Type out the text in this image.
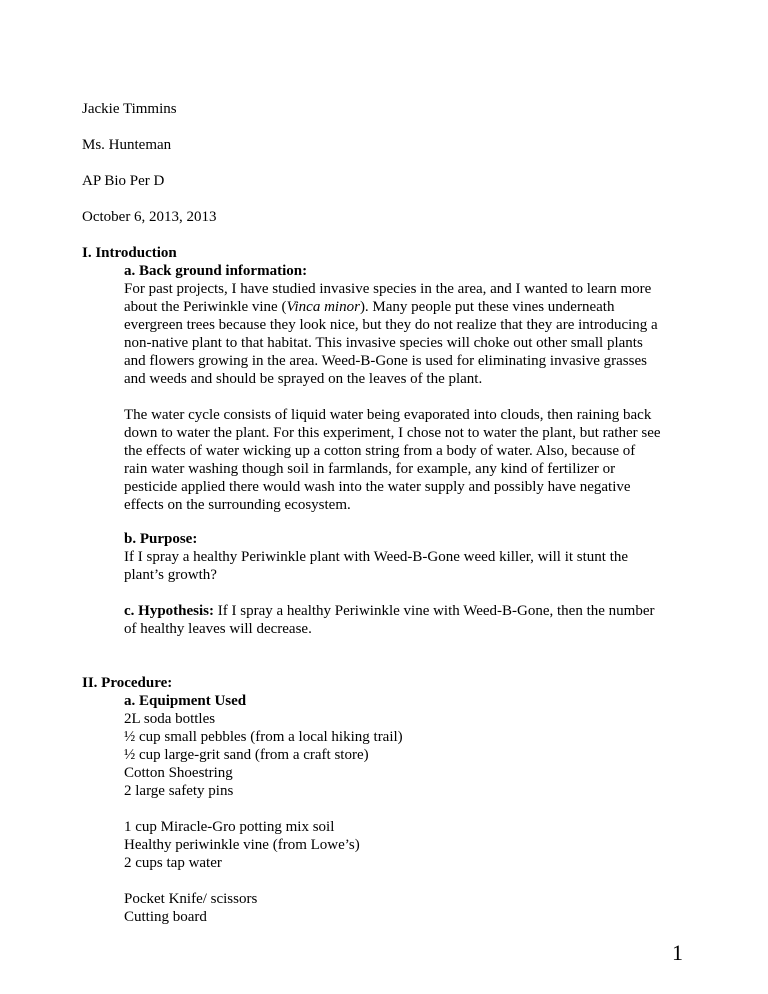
Jackie Timmins
Ms. Hunteman
AP Bio Per D
October 6, 2013, 2013
I. Introduction
a. Back ground information:
For past projects, I have studied invasive species in the area, and I wanted to learn more
about the Periwinkle vine (Vinca minor). Many people put these vines underneath
evergreen trees because they look nice, but they do not realize that they are introducing a
non-native plant to that habitat. This invasive species will choke out other small plants
and flowers growing in the area. Weed-B-Gone is used for eliminating invasive grasses
and weeds and should be sprayed on the leaves of the plant.
The water cycle consists of liquid water being evaporated into clouds, then raining back
down to water the plant. For this experiment, I chose not to water the plant, but rather see
the effects of water wicking up a cotton string from a body of water. Also, because of
rain water washing though soil in farmlands, for example, any kind of fertilizer or
pesticide applied there would wash into the water supply and possibly have negative
effects on the surrounding ecosystem.
b. Purpose:
If I spray a healthy Periwinkle plant with Weed-B-Gone weed killer, will it stunt the
plant’s growth?
c. Hypothesis: If I spray a healthy Periwinkle vine with Weed-B-Gone, then the number
of healthy leaves will decrease.
II. Procedure:
a. Equipment Used
2L soda bottles
½ cup small pebbles (from a local hiking trail)
½ cup large-grit sand (from a craft store)
Cotton Shoestring
2 large safety pins
1 cup Miracle-Gro potting mix soil
Healthy periwinkle vine (from Lowe’s)
2 cups tap water
Pocket Knife/ scissors
Cutting board
1
